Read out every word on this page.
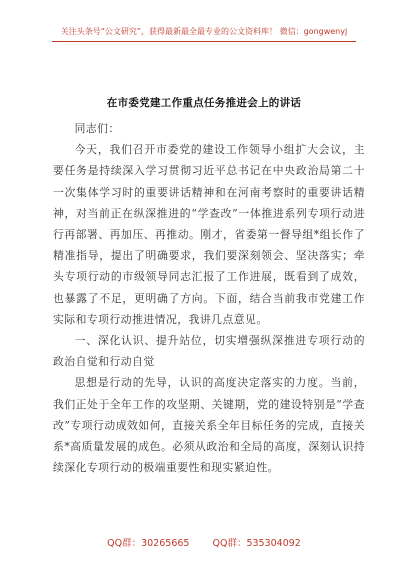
关注头条号“公文研究”，获得最新最全最专业的公文资料库！ 微信：gongwenyj
在市委党建工作重点任务推进会上的讲话

同志们：

今天，我们召开市委党的建设工作领导小组扩大会议，主要任务是持续深入学习贯彻习近平总书记在中央政治局第二十一次集体学习时的重要讲话精神和在河南考察时的重要讲话精神，对当前正在纵深推进的“学查改”一体推进系列专项行动进行再部署、再加压、再推动。刚才，省委第一督导组*组长作了精准指导，提出了明确要求，我们要深刻领会、坚决落实；牵头专项行动的市级领导同志汇报了工作进展，既看到了成效，也暴露了不足，更明确了方向。下面，结合当前我市党建工作实际和专项行动推进情况，我讲几点意见。

一、深化认识、提升站位，切实增强纵深推进专项行动的政治自觉和行动自觉

思想是行动的先导，认识的高度决定落实的力度。当前，我们正处于全年工作的攻坚期、关键期，党的建设特别是“学查改”专项行动成效如何，直接关系全年目标任务的完成，直接关系*高质量发展的成色。必须从政治和全局的高度，深刻认识持续深化专项行动的极端重要性和现实紧迫性。

QQ群：30265665 QQ群：535304092
